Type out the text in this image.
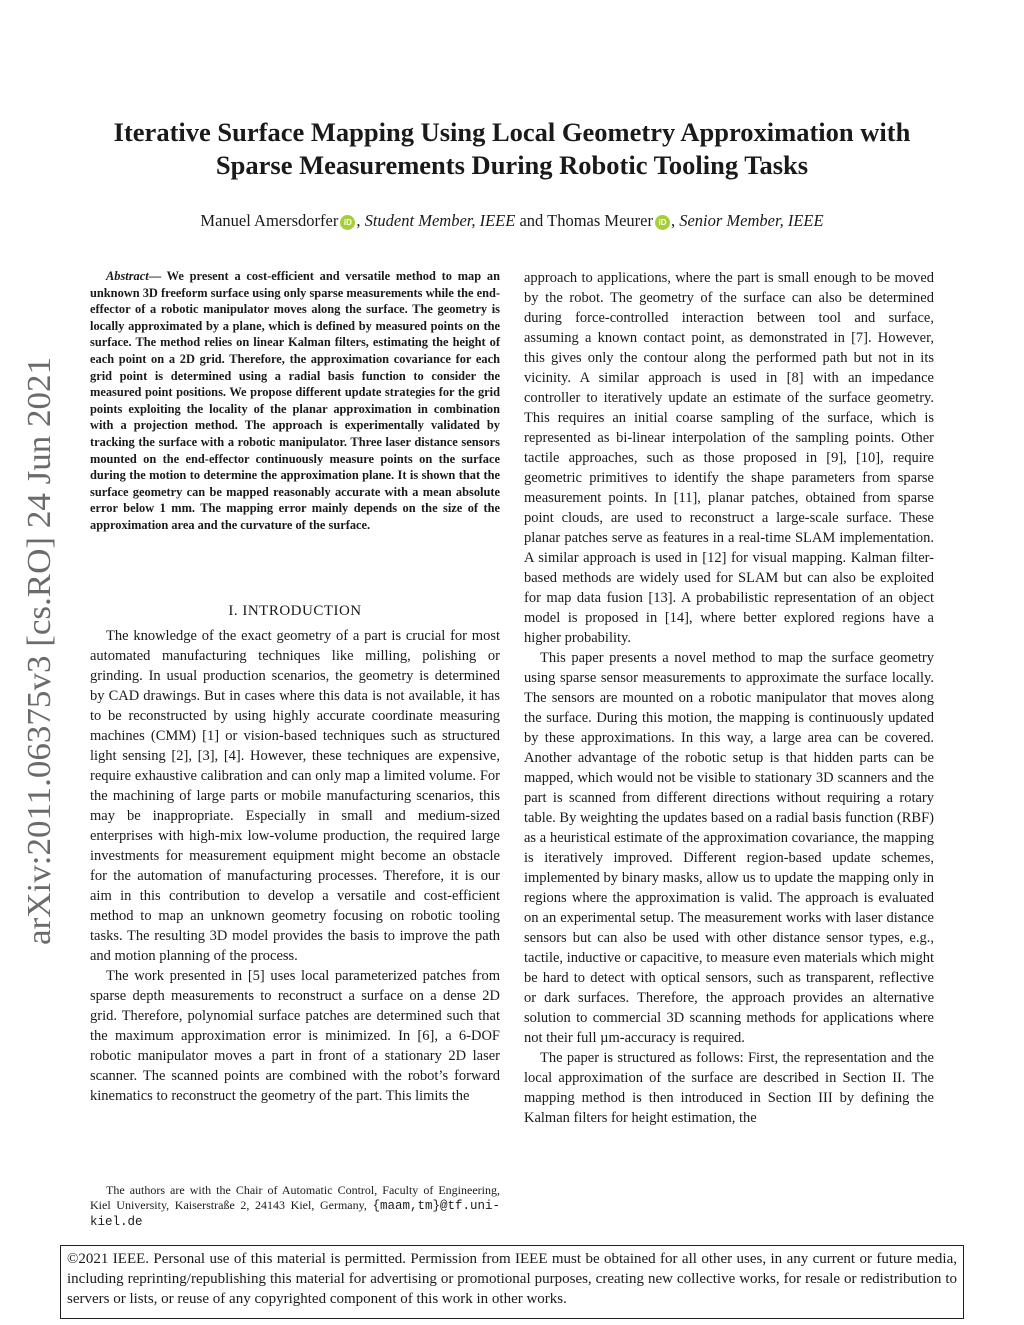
Iterative Surface Mapping Using Local Geometry Approximation with
Sparse Measurements During Robotic Tooling Tasks
Manuel Amersdorfer iD , Student Member, IEEE and Thomas Meurer iD , Senior Member, IEEE
arXiv:2011.06375v3 [cs.RO] 24 Jun 2021
Abstract— We present a cost-efficient and versatile method to map an unknown 3D freeform surface using only sparse measurements while the end-effector of a robotic manipulator moves along the surface. The geometry is locally approximated by a plane, which is defined by measured points on the surface. The method relies on linear Kalman filters, estimating the height of each point on a 2D grid. Therefore, the approximation covariance for each grid point is determined using a radial basis function to consider the measured point positions. We propose different update strategies for the grid points exploiting the locality of the planar approximation in combination with a projection method. The approach is experimentally validated by tracking the surface with a robotic manipulator. Three laser distance sensors mounted on the end-effector continuously measure points on the surface during the motion to determine the approximation plane. It is shown that the surface geometry can be mapped reasonably accurate with a mean absolute error below 1 mm. The mapping error mainly depends on the size of the approximation area and the curvature of the surface.
I. INTRODUCTION

The knowledge of the exact geometry of a part is crucial for most automated manufacturing techniques like milling, polishing or grinding. In usual production scenarios, the geometry is determined by CAD drawings. But in cases where this data is not available, it has to be reconstructed by using highly accurate coordinate measuring machines (CMM) [1] or vision-based techniques such as structured light sensing [2], [3], [4]. However, these techniques are expensive, require exhaustive calibration and can only map a limited volume. For the machining of large parts or mobile manufacturing scenarios, this may be inappropriate. Especially in small and medium-sized enterprises with high-mix low-volume production, the required large investments for measurement equipment might become an obstacle for the automation of manufacturing processes. Therefore, it is our aim in this contribution to develop a versatile and cost-efficient method to map an unknown geometry focusing on robotic tooling tasks. The resulting 3D model provides the basis to improve the path and motion planning of the process.

The work presented in [5] uses local parameterized patches from sparse depth measurements to reconstruct a surface on a dense 2D grid. Therefore, polynomial surface patches are determined such that the maximum approximation error is minimized. In [6], a 6-DOF robotic manipulator moves a part in front of a stationary 2D laser scanner. The scanned points are combined with the robot’s forward kinematics to reconstruct the geometry of the part. This limits the

The authors are with the Chair of Automatic Control, Faculty of Engineering, Kiel University, Kaiserstraße 2, 24143 Kiel, Germany, {maam,tm}@tf.uni-kiel.de

approach to applications, where the part is small enough to be moved by the robot. The geometry of the surface can also be determined during force-controlled interaction between tool and surface, assuming a known contact point, as demonstrated in [7]. However, this gives only the contour along the performed path but not in its vicinity. A similar approach is used in [8] with an impedance controller to iteratively update an estimate of the surface geometry. This requires an initial coarse sampling of the surface, which is represented as bi-linear interpolation of the sampling points. Other tactile approaches, such as those proposed in [9], [10], require geometric primitives to identify the shape parameters from sparse measurement points. In [11], planar patches, obtained from sparse point clouds, are used to reconstruct a large-scale surface. These planar patches serve as features in a real-time SLAM implementation. A similar approach is used in [12] for visual mapping. Kalman filter-based methods are widely used for SLAM but can also be exploited for map data fusion [13]. A probabilistic representation of an object model is proposed in [14], where better explored regions have a higher probability.

This paper presents a novel method to map the surface geometry using sparse sensor measurements to approximate the surface locally. The sensors are mounted on a robotic manipulator that moves along the surface. During this motion, the mapping is continuously updated by these approximations. In this way, a large area can be covered. Another advantage of the robotic setup is that hidden parts can be mapped, which would not be visible to stationary 3D scanners and the part is scanned from different directions without requiring a rotary table. By weighting the updates based on a radial basis function (RBF) as a heuristical estimate of the approximation covariance, the mapping is iteratively improved. Different region-based update schemes, implemented by binary masks, allow us to update the mapping only in regions where the approximation is valid. The approach is evaluated on an experimental setup. The measurement works with laser distance sensors but can also be used with other distance sensor types, e.g., tactile, inductive or capacitive, to measure even materials which might be hard to detect with optical sensors, such as transparent, reflective or dark surfaces. Therefore, the approach provides an alternative solution to commercial 3D scanning methods for applications where not their full µm-accuracy is required.

The paper is structured as follows: First, the representation and the local approximation of the surface are described in Section II. The mapping method is then introduced in Section III by defining the Kalman filters for height estimation, the

©2021 IEEE. Personal use of this material is permitted. Permission from IEEE must be obtained for all other uses, in any current or future media, including reprinting/republishing this material for advertising or promotional purposes, creating new collective works, for resale or redistribution to servers or lists, or reuse of any copyrighted component of this work in other works.
